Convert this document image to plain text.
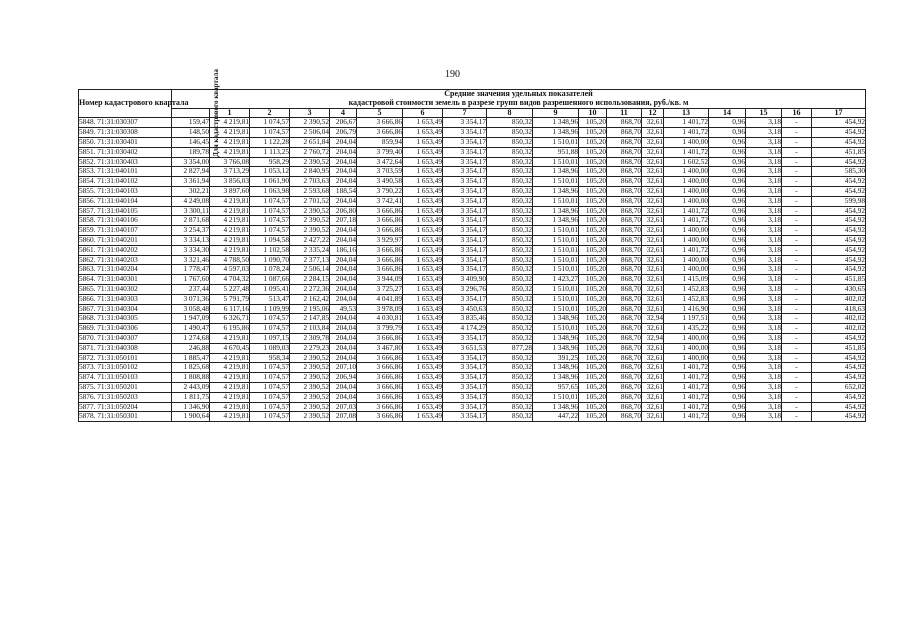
190
Номер кадастрового квартала	Средние значения удельных показателей
кадастровой стоимости земель в разрезе групп видов разрешенного использования, руб./кв. м																	

	Для кадастрового квартала	1	2	3	4	5	6	7	8	9	10	11	12	13	14	15	16	17
5848. 71:31:030307	159,47	4 219,81	1 074,57	2 390,52	206,67	3 666,86	1 653,49	3 354,17	850,32	1 348,96	105,20	868,70	32,61	1 401,72	0,96	3,18	-	454,92
5849. 71:31:030308	148,50	4 219,81	1 074,57	2 506,04	206,79	3 666,86	1 653,49	3 354,17	850,32	1 348,96	105,20	868,70	32,61	1 401,72	0,96	3,18	-	454,92
5850. 71:31:030401	146,45	4 219,81	1 122,28	2 651,84	204,04	859,94	1 653,49	3 354,17	850,32	1 510,01	105,20	868,70	32,61	1 400,00	0,96	3,18	-	454,92
5851. 71:31:030402	189,78	4 219,81	1 113,25	2 760,72	204,04	3 799,40	1 653,49	3 354,17	850,32	951,88	105,20	868,70	32,61	1 401,72	0,96	3,18	-	451,85
5852. 71:31:030403	3 354,00	3 766,08	958,29	2 390,52	204,04	3 472,64	1 653,49	3 354,17	850,32	1 510,01	105,20	868,70	32,61	1 602,52	0,96	3,18	-	454,92
5853. 71:31:040101	2 827,94	3 713,29	1 053,12	2 840,95	204,04	3 703,59	1 653,49	3 354,17	850,32	1 348,96	105,20	868,70	32,61	1 400,00	0,96	3,18	-	585,30
5854. 71:31:040102	3 361,94	3 856,03	1 061,90	2 703,63	204,04	3 490,58	1 653,49	3 354,17	850,32	1 510,01	105,20	868,70	32,61	1 400,00	0,96	3,18	-	454,92
5855. 71:31:040103	302,21	3 897,60	1 063,98	2 593,68	188,54	3 790,22	1 653,49	3 354,17	850,32	1 348,96	105,20	868,70	32,61	1 400,00	0,96	3,18	-	454,92
5856. 71:31:040104	4 249,08	4 219,81	1 074,57	2 701,52	204,04	3 742,41	1 653,49	3 354,17	850,32	1 510,01	105,20	868,70	32,61	1 400,00	0,96	3,18	-	599,98
5857. 71:31:040105	3 300,11	4 219,81	1 074,57	2 390,52	206,80	3 666,86	1 653,49	3 354,17	850,32	1 348,96	105,20	868,70	32,61	1 401,72	0,96	3,18	-	454,92
5858. 71:31:040106	2 871,68	4 219,81	1 074,57	2 390,52	207,18	3 666,86	1 653,49	3 354,17	850,32	1 348,96	105,20	868,70	32,61	1 401,72	0,96	3,18	-	454,92
5859. 71:31:040107	3 254,37	4 219,81	1 074,57	2 390,52	204,04	3 666,86	1 653,49	3 354,17	850,32	1 510,01	105,20	868,70	32,61	1 400,00	0,96	3,18	-	454,92
5860. 71:31:040201	3 334,13	4 219,81	1 094,58	2 427,22	204,04	3 929,97	1 653,49	3 354,17	850,32	1 510,01	105,20	868,70	32,61	1 400,00	0,96	3,18	-	454,92
5861. 71:31:040202	3 334,30	4 219,81	1 102,58	2 335,24	186,16	3 666,86	1 653,49	3 354,17	850,32	1 510,01	105,20	868,70	32,61	1 401,72	0,96	3,18	-	454,92
5862. 71:31:040203	3 321,46	4 788,50	1 090,70	2 377,13	204,04	3 666,86	1 653,49	3 354,17	850,32	1 510,01	105,20	868,70	32,61	1 400,00	0,96	3,18	-	454,92
5863. 71:31:040204	1 778,47	4 597,03	1 078,24	2 506,14	204,04	3 666,86	1 653,49	3 354,17	850,32	1 510,01	105,20	868,70	32,61	1 400,00	0,96	3,18	-	454,92
5864. 71:31:040301	1 767,60	4 704,32	1 087,66	2 284,15	204,04	3 944,09	1 653,49	3 409,90	850,32	1 423,27	105,20	868,70	32,61	1 415,09	0,96	3,18	-	451,85
5865. 71:31:040302	237,44	5 227,48	1 095,41	2 272,36	204,04	3 725,27	1 653,49	3 296,76	850,32	1 510,01	105,20	868,70	32,61	1 452,83	0,96	3,18	-	430,65
5866. 71:31:040303	3 071,36	5 791,79	513,47	2 162,42	204,04	4 041,89	1 653,49	3 354,17	850,32	1 510,01	105,20	868,70	32,61	1 452,83	0,96	3,18	-	402,02
5867. 71:31:040304	3 058,48	6 117,16	1 109,99	2 195,06	49,53	3 978,09	1 653,49	3 450,63	850,32	1 510,01	105,20	868,70	32,61	1 416,90	0,96	3,18	-	418,63
5868. 71:31:040305	1 947,09	6 326,71	1 074,57	2 147,85	204,04	4 030,81	1 653,49	3 835,46	850,32	1 348,96	105,20	868,70	32,94	1 197,51	0,96	3,18	-	402,02
5869. 71:31:040306	1 490,47	6 195,86	1 074,57	2 103,84	204,04	3 799,79	1 653,49	4 174,29	850,32	1 510,01	105,20	868,70	32,61	1 435,22	0,96	3,18	-	402,02
5870. 71:31:040307	1 274,68	4 219,81	1 097,15	2 309,78	204,04	3 666,86	1 653,49	3 354,17	850,32	1 348,96	105,20	868,70	32,94	1 400,00	0,96	3,18	-	454,92
5871. 71:31:040308	246,88	4 670,45	1 089,03	2 279,23	204,04	3 467,80	1 653,49	3 651,53	877,28	1 348,96	105,20	868,70	32,61	1 400,00	0,96	3,18	-	451,85
5872. 71:31:050101	1 885,47	4 219,81	958,34	2 390,52	204,04	3 666,86	1 653,49	3 354,17	850,32	391,25	105,20	868,70	32,61	1 400,00	0,96	3,18	-	454,92
5873. 71:31:050102	1 825,68	4 219,81	1 074,57	2 390,52	207,10	3 666,86	1 653,49	3 354,17	850,32	1 348,96	105,20	868,70	32,61	1 401,72	0,96	3,18	-	454,92
5874. 71:31:050103	1 808,88	4 219,81	1 074,57	2 390,52	206,94	3 666,86	1 653,49	3 354,17	850,32	1 348,96	105,20	868,70	32,61	1 401,72	0,96	3,18	-	454,92
5875. 71:31:050201	2 443,09	4 219,81	1 074,57	2 390,52	204,04	3 666,86	1 653,49	3 354,17	850,32	957,65	105,20	868,70	32,61	1 401,72	0,96	3,18	-	652,02
5876. 71:31:050203	1 811,75	4 219,81	1 074,57	2 390,52	204,04	3 666,86	1 653,49	3 354,17	850,32	1 510,01	105,20	868,70	32,61	1 401,72	0,96	3,18	-	454,92
5877. 71:31:050204	1 346,90	4 219,81	1 074,57	2 390,52	207,03	3 666,86	1 653,49	3 354,17	850,32	1 348,96	105,20	868,70	32,61	1 401,72	0,96	3,18	-	454,92
5878. 71:31:050301	1 900,64	4 219,81	1 074,57	2 390,52	207,08	3 666,86	1 653,49	3 354,17	850,32	447,22	105,20	868,70	32,61	1 401,72	0,96	3,18	-	454,92
